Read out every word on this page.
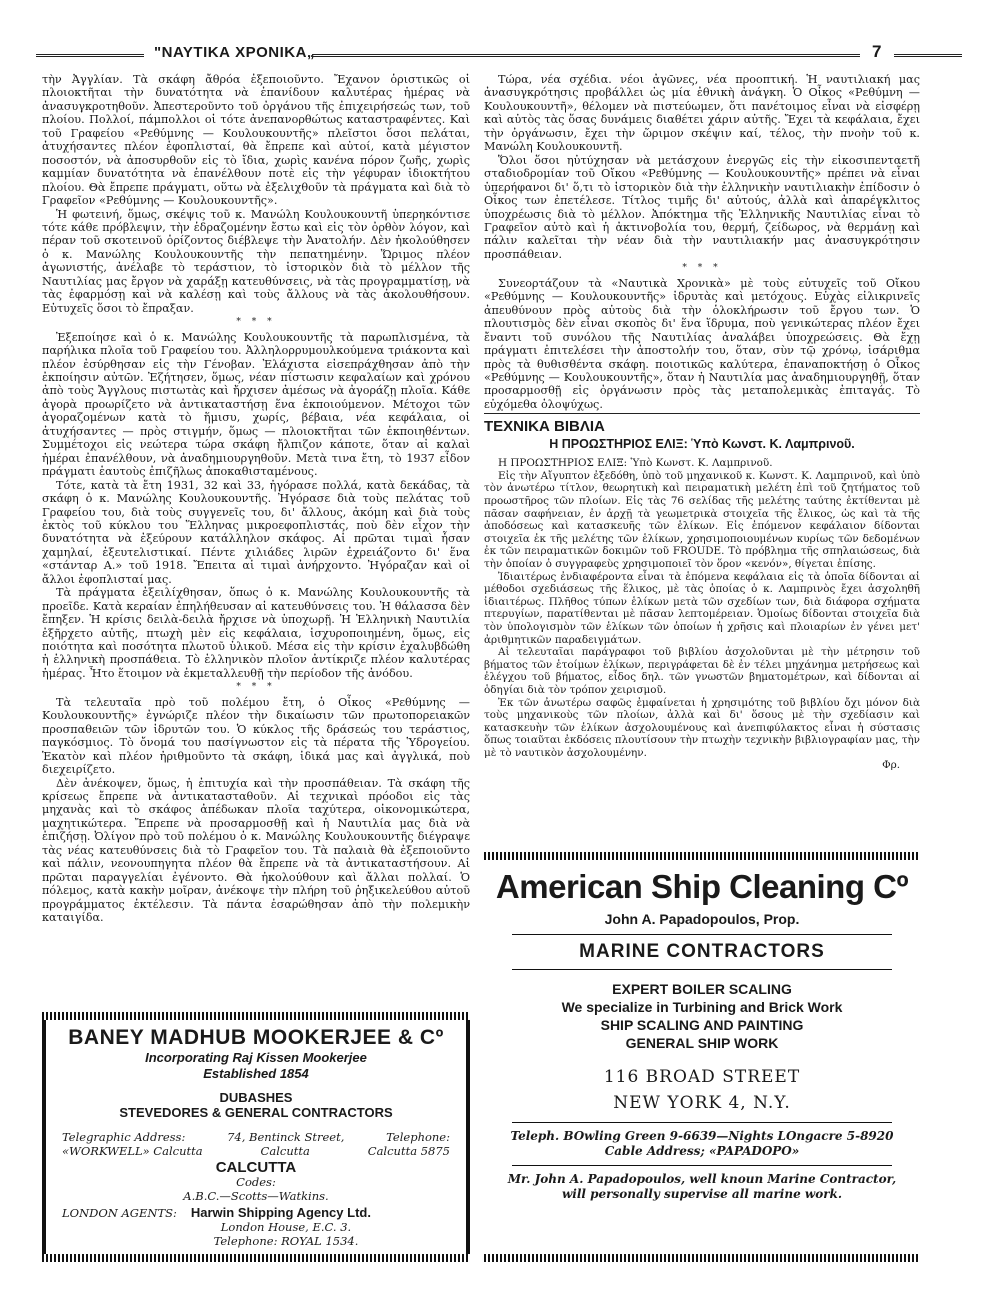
"ΝΑΥΤΙΚΑ ΧΡΟΝΙΚΑ„	7

τὴν Ἀγγλίαν. Τὰ σκάφη ἄθρόα ἐξεποιοῦντο. Ἔχανον ὁριστικῶς οἱ πλοιοκτῆται τὴν δυνατότητα νὰ ἐπανίδουν καλυτέρας ἡμέρας νὰ ἀνασυγκροτηθοῦν. Ἀπεστεροῦντο τοῦ ὀργάνου τῆς ἐπιχειρήσεώς των, τοῦ πλοίου. Πολλοί, πάμπολλοι οἱ τότε ἀνεπανορθώτως καταστραφέντες. Καὶ τοῦ Γραφείου «Ρεθύμνης — Κουλουκουντῆς» πλεῖστοι ὅσοι πελάται, ἀτυχήσαντες πλέον ἐφοπλισταί, θὰ ἔπρεπε καὶ αὐτοί, κατὰ μέγιστον ποσοστόν, νὰ ἀποσυρθοῦν εἰς τὸ ἴδια, χωρὶς κανένα πόρον ζωῆς, χωρὶς καμμίαν δυνατότητα νὰ ἐπανέλθουν ποτὲ εἰς τὴν γέφυραν ἰδιοκτήτου πλοίου. Θὰ ἔπρεπε πράγματι, οὕτω νὰ ἐξελιχθοῦν τὰ πράγματα καὶ διὰ τὸ Γραφεῖον «Ρεθύμνης — Κουλουκουντῆς».

Ἡ φωτεινή, ὅμως, σκέψις τοῦ κ. Μανώλη Κουλουκουντῆ ὑπερηκόντισε τότε κάθε πρόβλεψιν, τὴν ἑδραζομένην ἔστω καὶ εἰς τὸν ὀρθὸν λόγον, καὶ πέραν τοῦ σκοτεινοῦ ὁρίζοντος διέβλεψε τὴν Ἀνατολήν. Δὲν ἠκολούθησεν ὁ κ. Μανώλης Κουλουκουντῆς τὴν πεπατημένην. Ὥριμος πλέον ἀγωνιστής, ἀνέλαβε τὸ τεράστιον, τὸ ἱστορικὸν διὰ τὸ μέλλον τῆς Ναυτιλίας μας ἔργον νὰ χαράξῃ κατευθύνσεις, νὰ τὰς προγραμματίσῃ, νὰ τὰς ἐφαρμόσῃ καὶ νὰ καλέσῃ καὶ τοὺς ἄλλους νὰ τὰς ἀκολουθήσουν. Εὐτυχεῖς ὅσοι τὸ ἔπραξαν.

* * *

Ἐξεποίησε καὶ ὁ κ. Μανώλης Κουλουκουντῆς τὰ παρωπλισμένα, τὰ παρήλικα πλοῖα τοῦ Γραφείου του. Ἀλληλορρυμουλκούμενα τριάκοντα καὶ πλέον ἐσύρθησαν εἰς τὴν Γένοβαν. Ἐλάχιστα εἰσεπράχθησαν ἀπὸ τὴν ἐκποίησιν αὐτῶν. Ἐζήτησεν, ὅμως, νέαν πίστωσιν κεφαλαίων καὶ χρόνου ἀπὸ τοὺς Ἄγγλους πιστωτὰς καὶ ἤρχισεν ἀμέσως νὰ ἀγοράζῃ πλοῖα. Κάθε ἀγορὰ προωρίζετο νὰ ἀντικαταστήσῃ ἕνα ἐκποιούμενον. Μέτοχοι τῶν ἀγοραζομένων κατὰ τὸ ἥμισυ, χωρίς, βέβαια, νέα κεφάλαια, οἱ ἀτυχήσαντες — πρὸς στιγμήν, ὅμως — πλοιοκτῆται τῶν ἐκποιηθέντων. Συμμέτοχοι εἰς νεώτερα τώρα σκάφη ἤλπιζον κάποτε, ὅταν αἱ καλαὶ ἡμέραι ἐπανέλθουν, νὰ ἀναδημιουργηθοῦν. Μετὰ τινα ἔτη, τὸ 1937 εἶδον πράγματι ἑαυτοὺς ἐπιζῆλως ἀποκαθισταμένους.

Τότε, κατὰ τὰ ἔτη 1931, 32 καὶ 33, ἠγόρασε πολλά, κατὰ δεκάδας, τὰ σκάφη ὁ κ. Μανώλης Κουλουκουντῆς. Ἠγόρασε διὰ τοὺς πελάτας τοῦ Γραφείου του, διὰ τοὺς συγγενεῖς του, δι' ἄλλους, ἀκόμη καὶ διὰ τοὺς ἐκτὸς τοῦ κύκλου του Ἕλληνας μικροεφοπλιστάς, ποὺ δὲν εἶχον τὴν δυνατότητα νὰ ἐξεύρουν κατάλληλον σκάφος. Αἱ πρῶται τιμαὶ ἦσαν χαμηλαί, ἐξευτελιστικαί. Πέντε χιλιάδες λιρῶν ἐχρειάζοντο δι' ἕνα «στάνταρ Α.» τοῦ 1918. Ἔπειτα αἱ τιμαὶ ἀνήρχοντο. Ἠγόραζαν καὶ οἱ ἄλλοι ἐφοπλισταί μας.

Τὰ πράγματα ἐξειλίχθησαν, ὅπως ὁ κ. Μανώλης Κουλουκουντῆς τὰ προεῖδε. Κατὰ κεραίαν ἐπηλήθευσαν αἱ κατευθύνσεις του. Ἡ θάλασσα δὲν ἔπηξεν. Ἡ κρίσις δειλὰ-δειλὰ ἤρχισε νὰ ὑποχωρῇ. Ἡ Ἑλληνικὴ Ναυτιλία ἐξῆρχετο αὐτῆς, πτωχὴ μὲν εἰς κεφάλαια, ἰσχυροποιημένη, ὅμως, εἰς ποιότητα καὶ ποσότητα πλωτοῦ ὑλικοῦ. Μέσα εἰς τὴν κρίσιν ἐχαλυβδώθη ἡ ἑλληνικὴ προσπάθεια. Τὸ ἑλληνικὸν πλοῖον ἀντίκριζε πλέον καλυτέρας ἡμέρας. Ἦτο ἕτοιμον νὰ ἐκμεταλλευθῇ τὴν περίοδον τῆς ἀνόδου.

* * *

Τὰ τελευταῖα πρὸ τοῦ πολέμου ἔτη, ὁ Οἶκος «Ρεθύμνης — Κουλουκουντῆς» ἐγνώριζε πλέον τὴν δικαίωσιν τῶν πρωτοπορειακῶν προσπαθειῶν τῶν ἱδρυτῶν του. Ὁ κύκλος τῆς δράσεώς του τεράστιος, παγκόσμιος. Τὸ ὄνομά του πασίγνωστον εἰς τὰ πέρατα τῆς Ὑδρογείου. Ἑκατὸν καὶ πλέον ἠριθμοῦντο τὰ σκάφη, ἰδικά μας καὶ ἀγγλικά, ποὺ διεχειρίζετο.

Δὲν ἀνέκοψεν, ὅμως, ἡ ἐπιτυχία καὶ τὴν προσπάθειαν. Τὰ σκάφη τῆς κρίσεως ἔπρεπε νὰ ἀντικατασταθοῦν. Αἱ τεχνικαὶ πρόοδοι εἰς τὰς μηχανὰς καὶ τὸ σκάφος ἀπέδωκαν πλοῖα ταχύτερα, οἰκονομικώτερα, μαχητικώτερα. Ἔπρεπε νὰ προσαρμοσθῇ καὶ ἡ Ναυτιλία μας διὰ νὰ ἐπιζήσῃ. Ὀλίγον πρὸ τοῦ πολέμου ὁ κ. Μανώλης Κουλουκουντῆς διέγραψε τὰς νέας κατευθύνσεις διὰ τὸ Γραφεῖον του. Τὰ παλαιὰ θὰ ἐξεποιοῦντο καὶ πάλιν, νεονουπηγητα πλέον θὰ ἔπρεπε νὰ τὰ ἀντικαταστήσουν. Αἱ πρῶται παραγγελίαι ἐγένοντο. Θὰ ἠκολούθουν καὶ ἄλλαι πολλαί. Ὁ πόλεμος, κατὰ κακὴν μοῖραν, ἀνέκοψε τὴν πλήρη τοῦ ῥηξικελεύθου αὐτοῦ προγράμματος ἐκτέλεσιν. Τὰ πάντα ἐσαρώθησαν ἀπὸ τὴν πολεμικὴν καταιγίδα.

Τώρα, νέα σχέδια. νέοι ἀγῶνες, νέα προοπτική. Ἡ ναυτιλιακή μας ἀνασυγκρότησις προβάλλει ὡς μία ἐθνικὴ ἀνάγκη. Ὁ Οἶκος «Ρεθύμνη — Κουλουκουντῆ», θέλομεν νὰ πιστεύωμεν, ὅτι πανέτοιμος εἶναι νὰ εἰσφέρῃ καὶ αὐτὸς τὰς ὅσας δυνάμεις διαθέτει χάριν αὐτῆς. Ἔχει τὰ κεφάλαια, ἔχει τὴν ὀργάνωσιν, ἔχει τὴν ὥριμον σκέψιν καί, τέλος, τὴν πνοὴν τοῦ κ. Μανώλη Κουλουκουντῆ.

Ὅλοι ὅσοι ηὐτύχησαν νὰ μετάσχουν ἐνεργῶς εἰς τὴν εἰκοσιπενταετῆ σταδιοδρομίαν τοῦ Οἴκου «Ρεθύμνης — Κουλουκουντῆς» πρέπει νὰ εἶναι ὑπερήφανοι δι' ὅ,τι τὸ ἱστορικὸν διὰ τὴν ἑλληνικὴν ναυτιλιακὴν ἐπίδοσιν ὁ Οἶκος των ἐπετέλεσε. Τίτλος τιμῆς δι' αὐτούς, ἀλλὰ καὶ ἀπαρέγκλιτος ὑποχρέωσις διὰ τὸ μέλλον. Ἀπόκτημα τῆς Ἑλληνικῆς Ναυτιλίας εἶναι τὸ Γραφεῖον αὐτὸ καὶ ἡ ἀκτινοβολία του, θερμή, ζείδωρος, νὰ θερμάνῃ καὶ πάλιν καλεῖται τὴν νέαν διὰ τὴν ναυτιλιακήν μας ἀνασυγκρότησιν προσπάθειαν.

* * *

Συνεορτάζουν τὰ «Ναυτικὰ Χρονικὰ» μὲ τοὺς εὐτυχεῖς τοῦ Οἴκου «Ρεθύμνης — Κουλουκουντῆς» ἱδρυτὰς καὶ μετόχους. Εὐχὰς εἰλικρινεῖς ἀπευθύνουν πρὸς αὐτοὺς διὰ τὴν ὁλοκλήρωσιν τοῦ ἔργου των. Ὁ πλουτισμὸς δὲν εἶναι σκοπὸς δι' ἕνα ἵδρυμα, ποὺ γενικώτερας πλέον ἔχει ἔναντι τοῦ συνόλου τῆς Ναυτιλίας ἀναλάβει ὑποχρεώσεις. Θὰ ἔχῃ πράγματι ἐπιτελέσει τὴν ἀποστολήν του, ὅταν, σὺν τῷ χρόνῳ, ἰσάριθμα πρὸς τὰ θυθισθέντα σκάφη. ποιοτικῶς καλύτερα, ἐπαναποκτήσῃ ὁ Οἶκος «Ρεθύμνης — Κουλουκουντῆς», ὅταν ἡ Ναυτιλία μας ἀναδημιουργηθῇ, ὅταν προσαρμοσθῇ εἰς ὀργάνωσιν πρὸς τὰς μεταπολεμικὰς ἐπιταγάς. Τὸ εὐχόμεθα ὁλοψύχως.

ΤΕΧΝΙΚΑ ΒΙΒΛΙΑ
Η ΠΡΟΩΣΤΗΡΙΟΣ ΕΛΙΞ: Ὑπὸ Κωνστ. Κ. Λαμπρινοῦ.

Η ΠΡΟΩΣΤΗΡΙΟΣ ΕΛΙΞ: Ὑπὸ Κωνστ. Κ. Λαμπρινοῦ.

Εἰς τὴν Αἴγυπτον ἐξεδόθη, ὑπὸ τοῦ μηχανικοῦ κ. Κωνστ. Κ. Λαμπρινοῦ, καὶ ὑπὸ τὸν ἀνωτέρω τίτλον, θεωρητικὴ καὶ πειραματικὴ μελέτη ἐπὶ τοῦ ζητήματος τοῦ προωστῆρος τῶν πλοίων. Εἰς τὰς 76 σελίδας τῆς μελέτης ταύτης ἐκτίθενται μὲ πᾶσαν σαφήνειαν, ἐν ἀρχῇ τὰ γεωμετρικὰ στοιχεῖα τῆς ἕλικος, ὡς καὶ τὰ τῆς ἀποδόσεως καὶ κατασκευῆς τῶν ἑλίκων. Εἰς ἑπόμενον κεφάλαιον δίδονται στοιχεῖα ἐκ τῆς μελέτης τῶν ἑλίκων, χρησιμοποιουμένων κυρίως τῶν δεδομένων ἐκ τῶν πειραματικῶν δοκιμῶν τοῦ FROUDE. Τὸ πρόβλημα τῆς σπηλαιώσεως, διὰ τὴν ὁποίαν ὁ συγγραφεὺς χρησιμοποιεῖ τὸν ὅρον «κενόν», θίγεται ἐπίσης.

Ἰδιαιτέρως ἐνδιαφέροντα εἶναι τὰ ἑπόμενα κεφάλαια εἰς τὰ ὁποῖα δίδονται αἱ μέθοδοι σχεδιάσεως τῆς ἕλικος, μὲ τὰς ὁποίας ὁ κ. Λαμπρινὸς ἔχει ἀσχοληθῆ ἰδιαιτέρως. Πλῆθος τύπων ἑλίκων μετὰ τῶν σχεδίων των, διὰ διάφορα σχήματα πτερυγίων, παρατίθενται μὲ πᾶσαν λεπτομέρειαν. Ὁμοίως δίδονται στοιχεῖα διὰ τὸν ὑπολογισμὸν τῶν ἑλίκων τῶν ὁποίων ἡ χρῆσις καὶ πλοιαρίων ἐν γένει μετ' ἀριθμητικῶν παραδειγμάτων.

Αἱ τελευταῖαι παράγραφοι τοῦ βιβλίου ἀσχολοῦνται μὲ τὴν μέτρησιν τοῦ βήματος τῶν ἑτοίμων ἑλίκων, περιγράφεται δὲ ἐν τέλει μηχάνημα μετρήσεως καὶ ἐλέγχου τοῦ βήματος, εἶδος δηλ. τῶν γνωστῶν βηματομέτρων, καὶ δίδονται αἱ ὁδηγίαι διὰ τὸν τρόπον χειρισμοῦ.

Ἐκ τῶν ἀνωτέρω σαφῶς ἐμφαίνεται ἡ χρησιμότης τοῦ βιβλίου ὄχι μόνον διὰ τοὺς μηχανικοὺς τῶν πλοίων, ἀλλὰ καὶ δι' ὅσους μὲ τὴν σχεδίασιν καὶ κατασκευὴν τῶν ἑλίκων ἀσχολουμένους καὶ ἀνεπιφύλακτος εἶναι ἡ σύστασις ὅπως τοιαῦται ἐκδόσεις πλουτίσουν τὴν πτωχὴν τεχνικὴν βιβλιογραφίαν μας, τὴν μὲ τὸ ναυτικὸν ἀσχολουμένην.

Φρ.
BANEY MADHUB MOOKERJEE & Cº
Incorporating Raj Kissen Mookerjee
Established 1854
DUBASHES
STEVEDORES & GENERAL CONTRACTORS
Telegraphic Address:	74, Bentinck Street,	Telephone:
«WORKWELL» Calcutta	Calcutta	Calcutta 5875
CALCUTTA
Codes:
A.B.C.—Scotts—Watkins.
LONDON AGENTS: Harwin Shipping Agency Ltd.
London House, E.C. 3.
Telephone: ROYAL 1534.
American Ship Cleaning Cº
John A. Papadopoulos, Prop.
MARINE CONTRACTORS
EXPERT BOILER SCALING
We specialize in Turbining and Brick Work
SHIP SCALING AND PAINTING
GENERAL SHIP WORK
116 BROAD STREET
NEW YORK 4, N.Y.
Teleph. BOwling Green 9-6639—Nights LOngacre 5-8920
Cable Address; «PAPADOPO»
Mr. John A. Papadopoulos, well knoun Marine Contractor,
will personally supervise all marine work.
